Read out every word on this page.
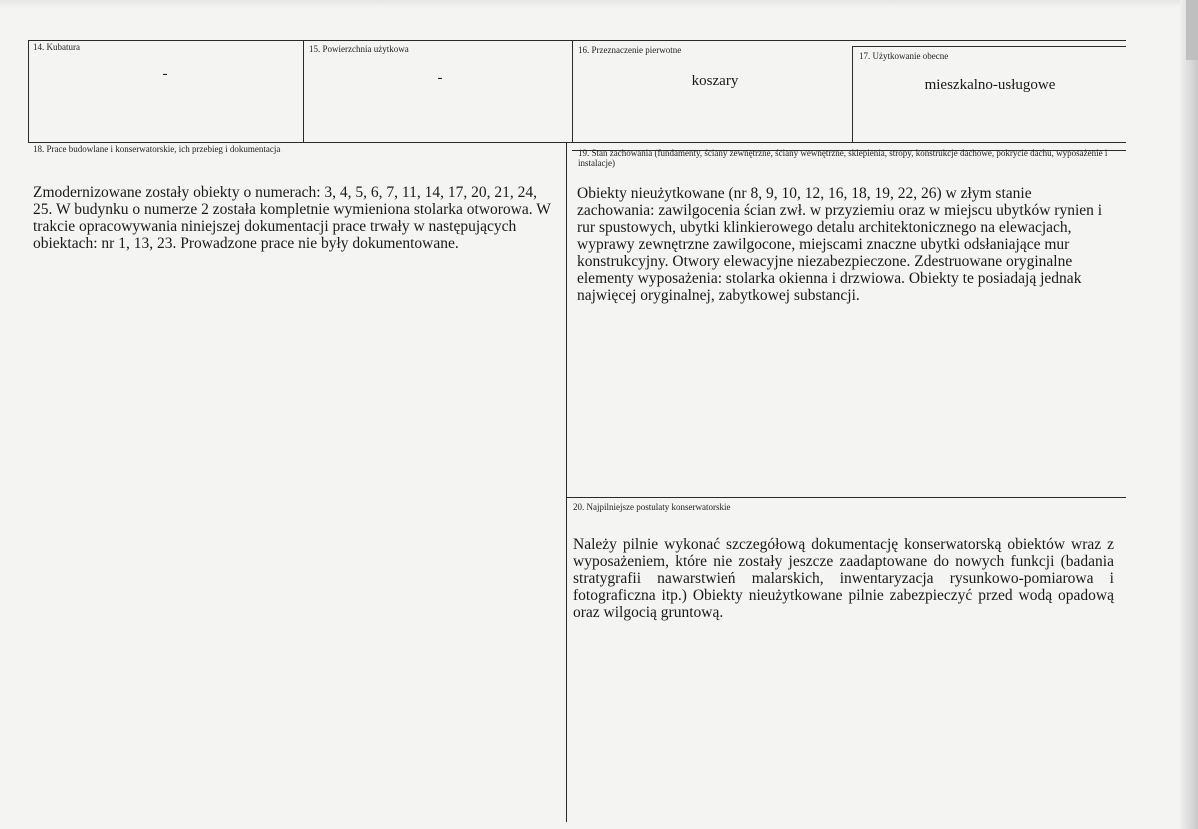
14. Kubatura
-
15. Powierzchnia użytkowa
-
16. Przeznaczenie pierwotne
koszary
17. Użytkowanie obecne
mieszkalno-usługowe
18. Prace budowlane i konserwatorskie, ich przebieg i dokumentacja
Zmodernizowane zostały obiekty o numerach: 3, 4, 5, 6, 7, 11, 14, 17, 20, 21, 24, 25. W budynku o numerze 2 została kompletnie wymieniona stolarka otworowa. W trakcie opracowywania niniejszej dokumentacji prace trwały w następujących obiektach: nr 1, 13, 23. Prowadzone prace nie były dokumentowane.
19. Stan zachowania (fundamenty, ściany zewnętrzne, ściany wewnętrzne, sklepienia, stropy, konstrukcje dachowe, pokrycie dachu, wyposażenie i instalacje)
Obiekty nieużytkowane (nr 8, 9, 10, 12, 16, 18, 19, 22, 26) w złym stanie zachowania: zawilgocenia ścian zwł. w przyziemiu oraz w miejscu ubytków rynien i rur spustowych, ubytki klinkierowego detalu architektonicznego na elewacjach, wyprawy zewnętrzne zawilgocone, miejscami znaczne ubytki odsłaniające mur konstrukcyjny. Otwory elewacyjne niezabezpieczone. Zdestruowane oryginalne elementy wyposażenia: stolarka okienna i drzwiowa. Obiekty te posiadają jednak najwięcej oryginalnej, zabytkowej substancji.
20. Najpilniejsze postulaty konserwatorskie
Należy pilnie wykonać szczegółową dokumentację konserwatorską obiektów wraz z wyposażeniem, które nie zostały jeszcze zaadaptowane do nowych funkcji (badania stratygrafii nawarstwień malarskich, inwentaryzacja rysunkowo-pomiarowa i fotograficzna itp.) Obiekty nieużytkowane pilnie zabezpieczyć przed wodą opadową oraz wilgocią gruntową.
